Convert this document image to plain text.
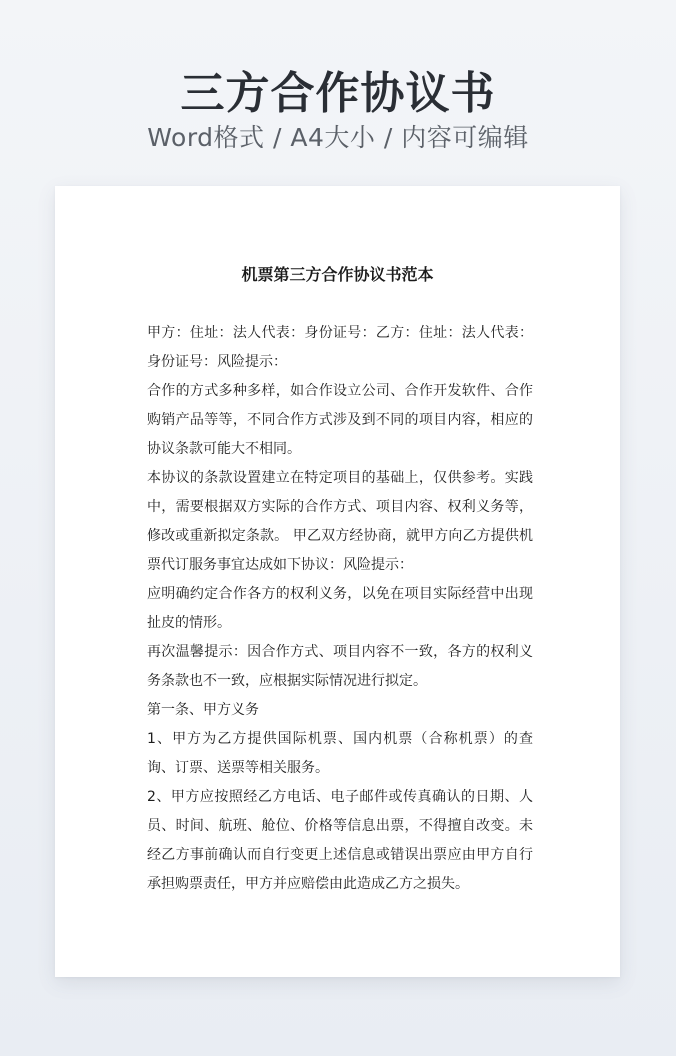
三方合作协议书
Word格式 / A4大小 / 内容可编辑
机票第三方合作协议书范本

甲方：住址：法人代表：身份证号：乙方：住址：法人代表：身份证号：风险提示：

合作的方式多种多样，如合作设立公司、合作开发软件、合作购销产品等等，不同合作方式涉及到不同的项目内容，相应的协议条款可能大不相同。

本协议的条款设置建立在特定项目的基础上，仅供参考。实践中，需要根据双方实际的合作方式、项目内容、权利义务等，修改或重新拟定条款。 甲乙双方经协商，就甲方向乙方提供机票代订服务事宜达成如下协议：风险提示：

应明确约定合作各方的权利义务，以免在项目实际经营中出现扯皮的情形。

再次温馨提示：因合作方式、项目内容不一致，各方的权利义务条款也不一致，应根据实际情况进行拟定。

第一条、甲方义务

1、甲方为乙方提供国际机票、国内机票（合称机票）的查询、订票、送票等相关服务。

2、甲方应按照经乙方电话、电子邮件或传真确认的日期、人员、时间、航班、舱位、价格等信息出票，不得擅自改变。未经乙方事前确认而自行变更上述信息或错误出票应由甲方自行承担购票责任，甲方并应赔偿由此造成乙方之损失。
